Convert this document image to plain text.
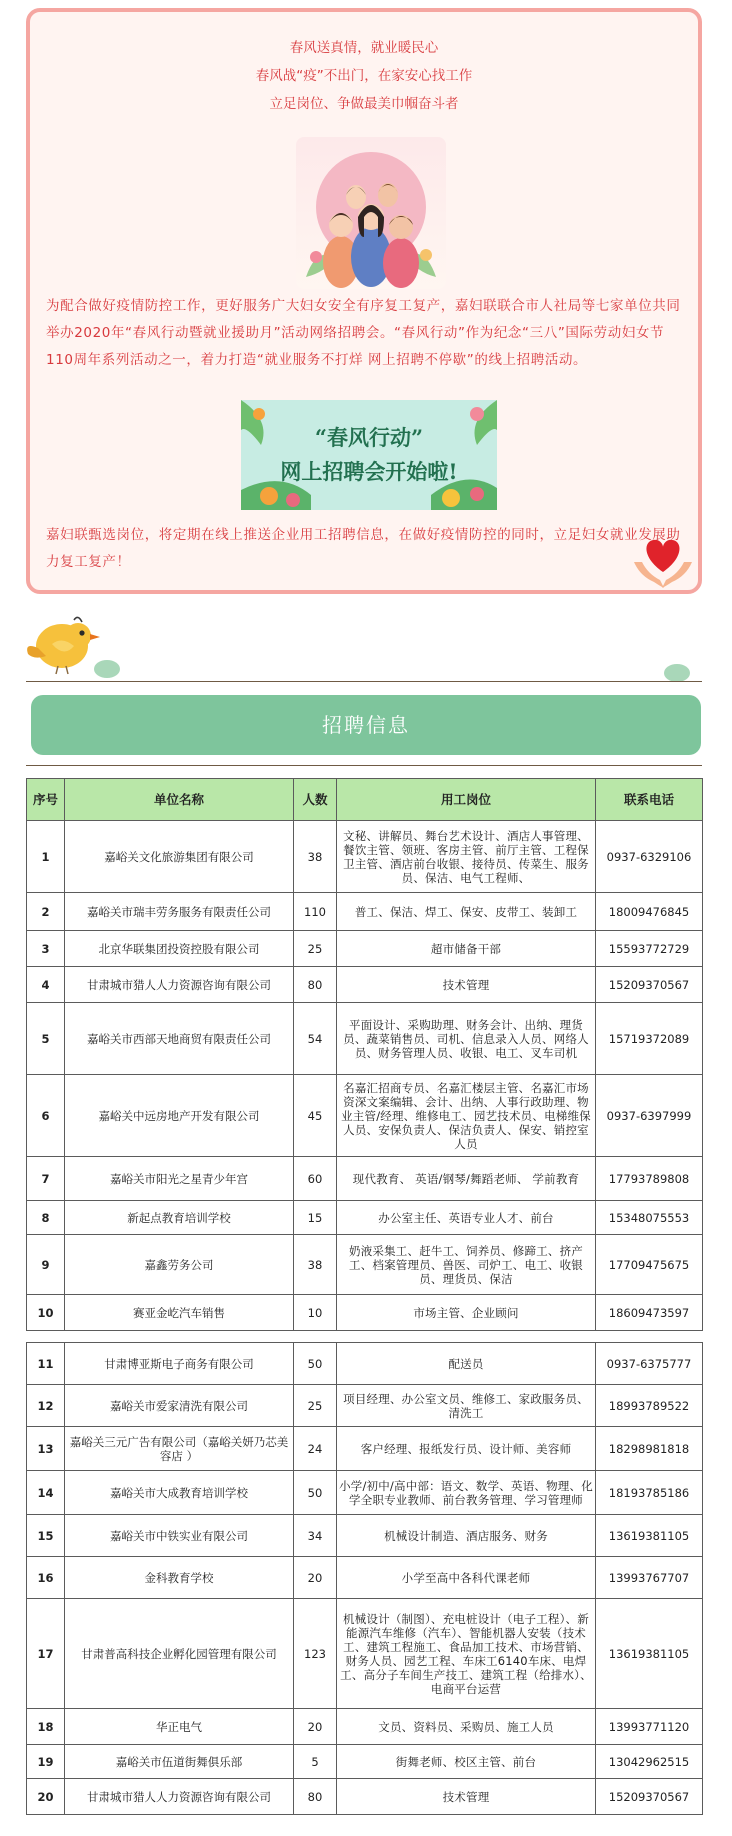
春风送真情，就业暖民心
春风战“疫”不出门，在家安心找工作
立足岗位、争做最美巾帼奋斗者
为配合做好疫情防控工作，更好服务广大妇女安全有序复工复产，嘉妇联联合市人社局等七家单位共同举办2020年“春风行动暨就业援助月”活动网络招聘会。“春风行动”作为纪念“三八”国际劳动妇女节110周年系列活动之一，着力打造“就业服务不打烊 网上招聘不停歇”的线上招聘活动。
“春风行动”
网上招聘会开始啦!
嘉妇联甄选岗位，将定期在线上推送企业用工招聘信息，在做好疫情防控的同时，立足妇女就业发展助力复工复产！
招聘信息
序号	单位名称	人数	用工岗位	联系电话
1	嘉峪关文化旅游集团有限公司	38	文秘、讲解员、舞台艺术设计、酒店人事管理、餐饮主管、领班、客房主管、前厅主管、工程保卫主管、酒店前台收银、接待员、传菜生、服务员、保洁、电气工程师、	0937-6329106
2	嘉峪关市瑞丰劳务服务有限责任公司	110	普工、保洁、焊工、保安、皮带工、装卸工	18009476845
3	北京华联集团投资控股有限公司	25	超市储备干部	15593772729
4	甘肃城市猎人人力资源咨询有限公司	80	技术管理	15209370567
5	嘉峪关市西部天地商贸有限责任公司	54	平面设计、采购助理、财务会计、出纳、理货员、蔬菜销售员、司机、信息录入人员、网络人员、财务管理人员、收银、电工、叉车司机	15719372089
6	嘉峪关中远房地产开发有限公司	45	名嘉汇招商专员、名嘉汇楼层主管、名嘉汇市场资深文案编辑、会计、出纳、人事行政助理、物业主管/经理、维修电工、园艺技术员、电梯维保人员、安保负责人、保洁负责人、保安、销控室人员	0937-6397999
7	嘉峪关市阳光之星青少年宫	60	现代教育、 英语/钢琴/舞蹈老师、 学前教育	17793789808
8	新起点教育培训学校	15	办公室主任、英语专业人才、前台	15348075553
9	嘉鑫劳务公司	38	奶液采集工、赶牛工、饲养员、修蹄工、挤产工、档案管理员、兽医、司炉工、电工、收银员、理货员、保洁	17709475675
10	赛亚金屹汽车销售	10	市场主管、企业顾问	18609473597
11	甘肃博亚斯电子商务有限公司	50	配送员	0937-6375777
12	嘉峪关市爱家清洗有限公司	25	项目经理、办公室文员、维修工、家政服务员、清洗工	18993789522
13	嘉峪关三元广告有限公司（嘉峪关妍乃芯美容店 ）	24	客户经理、报纸发行员、设计师、美容师	18298981818
14	嘉峪关市大成教育培训学校	50	小学/初中/高中部：语文、数学、英语、物理、化学全职专业教师、前台教务管理、学习管理师	18193785186
15	嘉峪关市中铁实业有限公司	34	机械设计制造、酒店服务、财务	13619381105
16	金科教育学校	20	小学至高中各科代课老师	13993767707
17	甘肃普高科技企业孵化园管理有限公司	123	机械设计（制图）、充电桩设计（电子工程）、新能源汽车维修（汽车）、智能机器人安装（技术工、建筑工程施工、食品加工技术、市场营销、财务人员、园艺工程、车床工6140车床、电焊工、高分子车间生产技工、建筑工程（给排水）、电商平台运营	13619381105
18	华正电气	20	文员、资料员、采购员、施工人员	13993771120
19	嘉峪关市伍道街舞俱乐部	5	街舞老师、校区主管、前台	13042962515
20	甘肃城市猎人人力资源咨询有限公司	80	技术管理	15209370567
